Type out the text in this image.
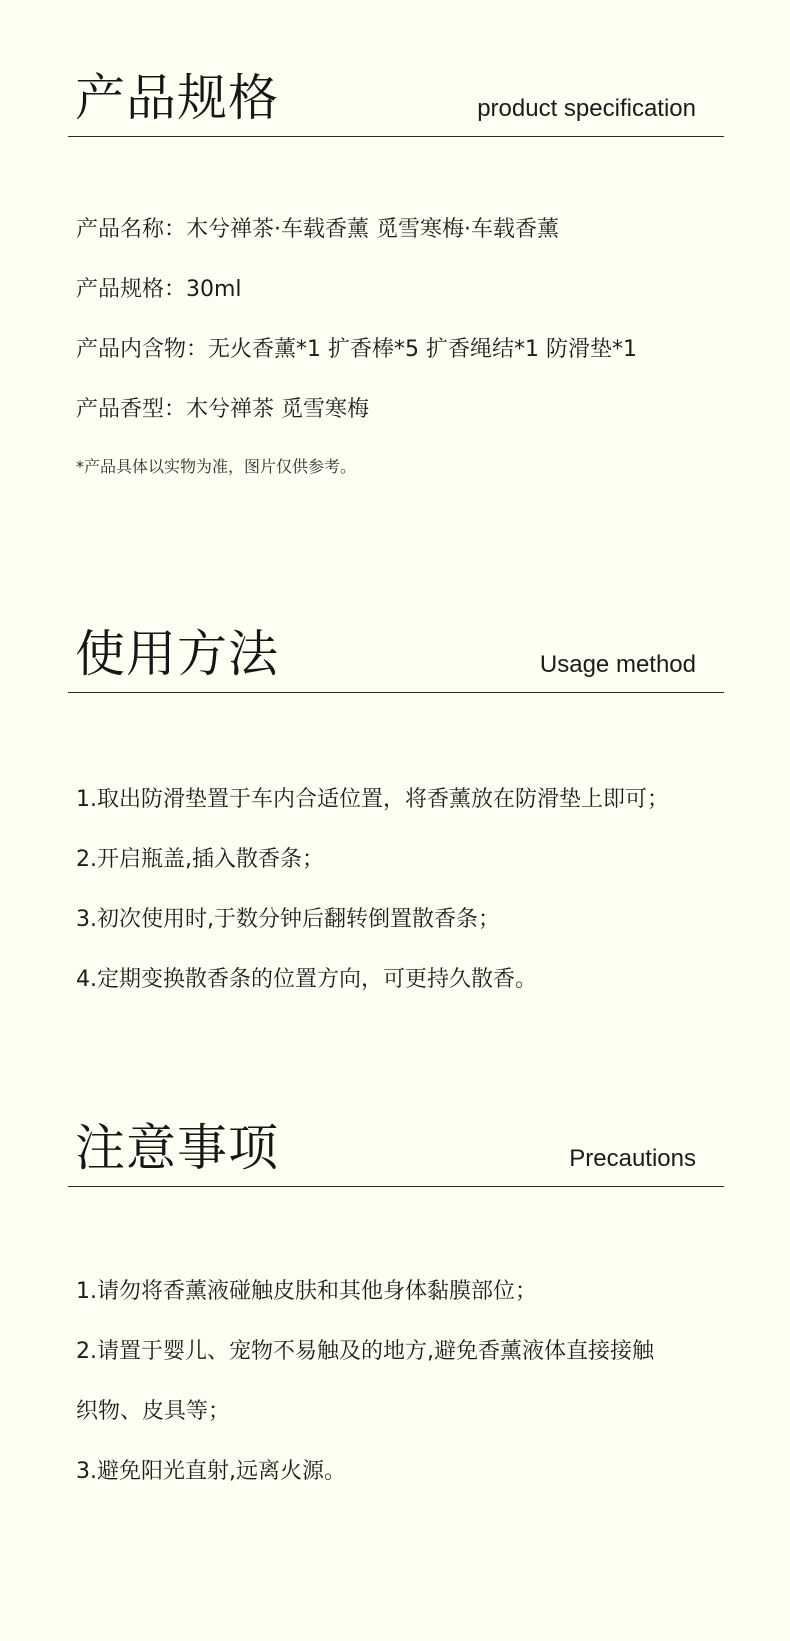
产品规格	product specification
产品名称：木兮禅茶·车载香薰 觅雪寒梅·车载香薰
产品规格：30ml
产品内含物：无火香薰*1 扩香棒*5 扩香绳结*1 防滑垫*1
产品香型：木兮禅茶 觅雪寒梅
*产品具体以实物为准，图片仅供参考。
使用方法	Usage method
1.取出防滑垫置于车内合适位置，将香薰放在防滑垫上即可；
2.开启瓶盖,插入散香条；
3.初次使用时,于数分钟后翻转倒置散香条；
4.定期变换散香条的位置方向，可更持久散香。
注意事项	Precautions
1.请勿将香薰液碰触皮肤和其他身体黏膜部位；
2.请置于婴儿、宠物不易触及的地方,避免香薰液体直接接触
织物、皮具等；
3.避免阳光直射,远离火源。
